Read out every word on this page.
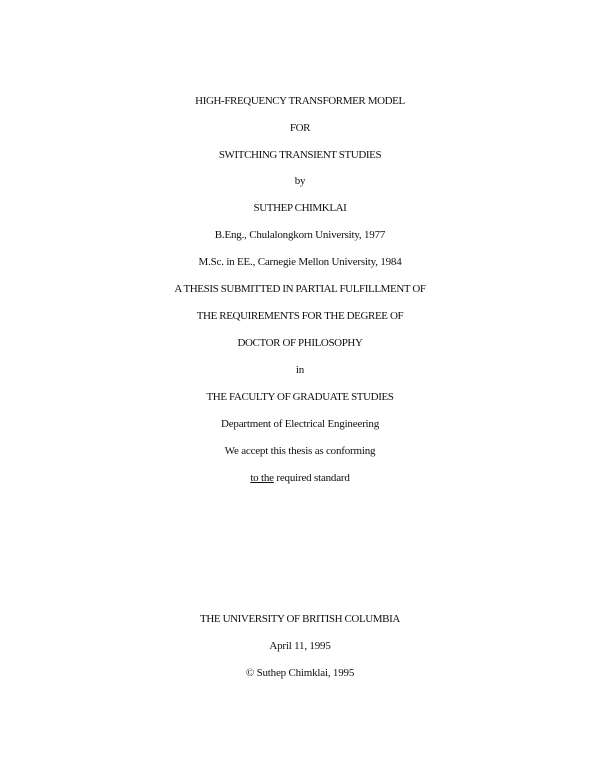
HIGH-FREQUENCY TRANSFORMER MODEL
FOR
SWITCHING TRANSIENT STUDIES
by
SUTHEP CHIMKLAI
B.Eng., Chulalongkorn University, 1977
M.Sc. in EE., Carnegie Mellon University, 1984
A THESIS SUBMITTED IN PARTIAL FULFILLMENT OF
THE REQUIREMENTS FOR THE DEGREE OF
DOCTOR OF PHILOSOPHY
in
THE FACULTY OF GRADUATE STUDIES
Department of Electrical Engineering
We accept this thesis as conforming
to the required standard
THE UNIVERSITY OF BRITISH COLUMBIA
April 11, 1995
© Suthep Chimklai, 1995
